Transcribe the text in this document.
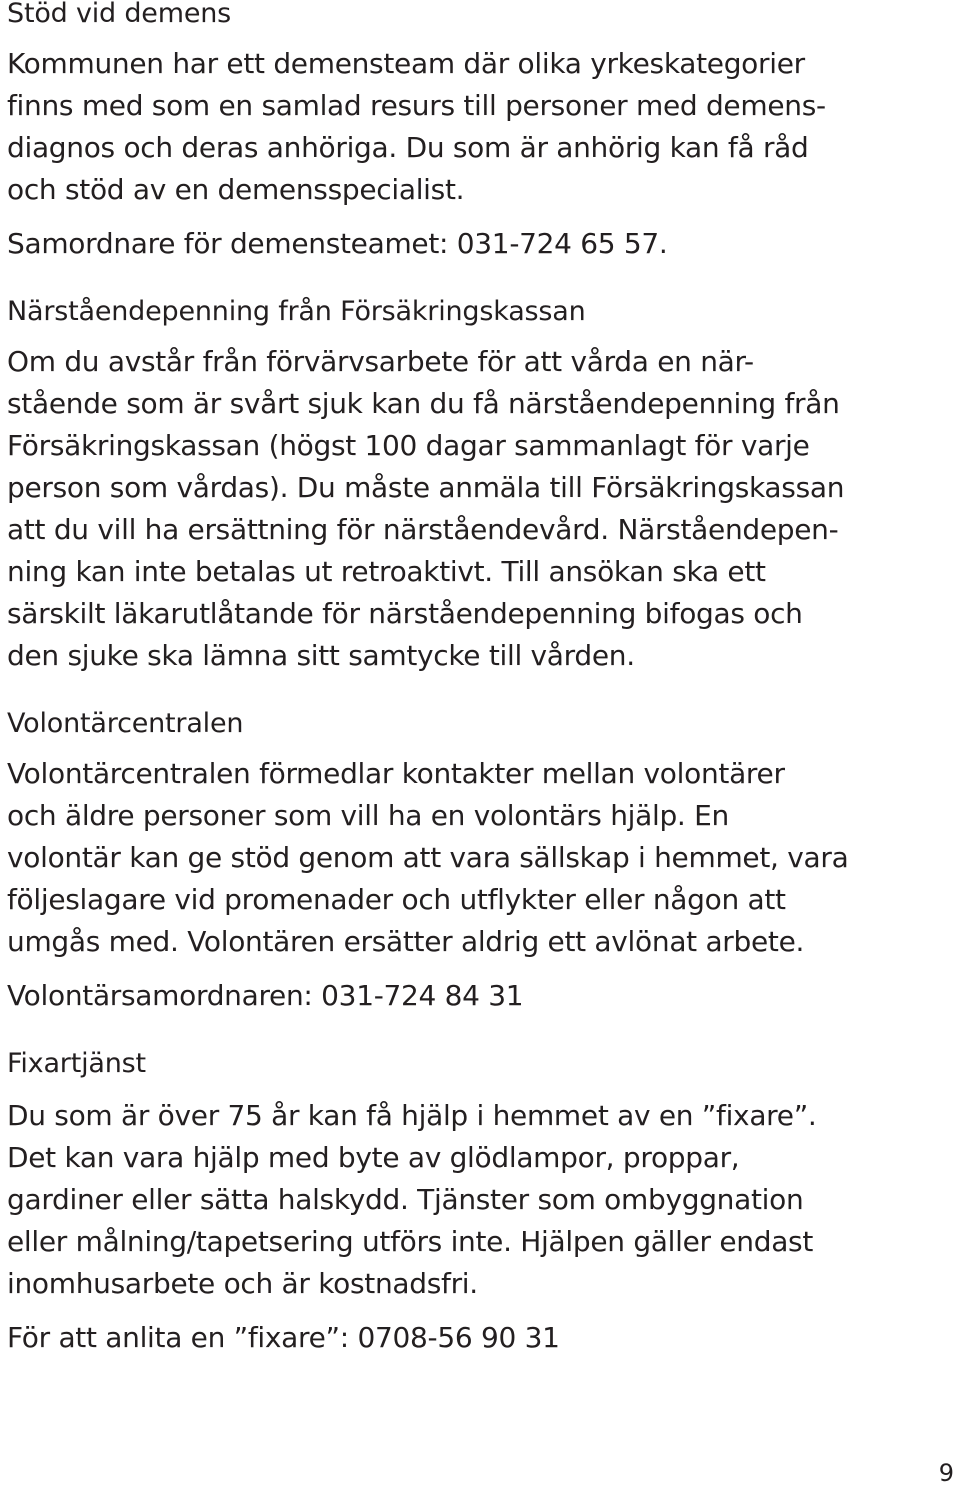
Stöd vid demens
Kommunen har ett demensteam där olika yrkeskategorier
finns med som en samlad resurs till personer med demens-
diagnos och deras anhöriga. Du som är anhörig kan få råd
och stöd av en demensspecialist.
Samordnare för demensteamet: 031-724 65 57.
Närståendepenning från Försäkringskassan
Om du avstår från förvärvsarbete för att vårda en när-
stående som är svårt sjuk kan du få närståendepenning från
Försäkringskassan (högst 100 dagar sammanlagt för varje
person som vårdas). Du måste anmäla till Försäkringskassan
att du vill ha ersättning för närståendevård. Närståendepen-
ning kan inte betalas ut retroaktivt. Till ansökan ska ett
särskilt läkarutlåtande för närståendepenning bifogas och
den sjuke ska lämna sitt samtycke till vården.
Volontärcentralen
Volontärcentralen förmedlar kontakter mellan volontärer
och äldre personer som vill ha en volontärs hjälp. En
volontär kan ge stöd genom att vara sällskap i hemmet, vara
följeslagare vid promenader och utflykter eller någon att
umgås med. Volontären ersätter aldrig ett avlönat arbete.
Volontärsamordnaren: 031-724 84 31
Fixartjänst
Du som är över 75 år kan få hjälp i hemmet av en ”fixare”.
Det kan vara hjälp med byte av glödlampor, proppar,
gardiner eller sätta halskydd. Tjänster som ombyggnation
eller målning/tapetsering utförs inte. Hjälpen gäller endast
inomhusarbete och är kostnadsfri.
För att anlita en ”fixare”: 0708-56 90 31
9
